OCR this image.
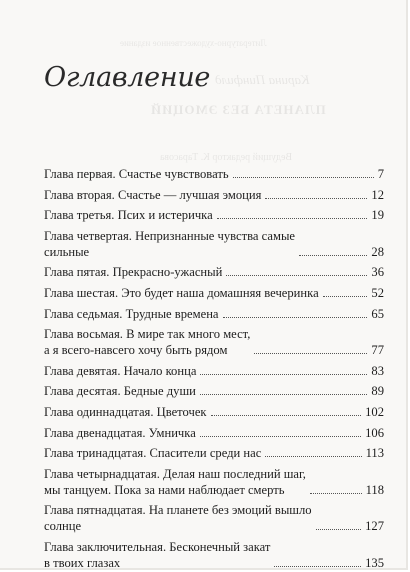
Литературно-художественное издание
Карина Пинфилд
ПЛАНЕТА БЕЗ ЭМОЦИЙ
Ведущий редактор К. Тарасова
Оглавление
Глава первая. Счастье чувствовать	7
Глава вторая. Счастье — лучшая эмоция	12
Глава третья. Псих и истеричка	19
Глава четвертая. Непризнанные чувства самые
сильные	28
Глава пятая. Прекрасно-ужасный	36
Глава шестая. Это будет наша домашняя вечеринка	52
Глава седьмая. Трудные времена	65
Глава восьмая. В мире так много мест,
а я всего-навсего хочу быть рядом	77
Глава девятая. Начало конца	83
Глава десятая. Бедные души	89
Глава одиннадцатая. Цветочек	102
Глава двенадцатая. Умничка	106
Глава тринадцатая. Спасители среди нас	113
Глава четырнадцатая. Делая наш последний шаг,
мы танцуем. Пока за нами наблюдает смерть	118
Глава пятнадцатая. На планете без эмоций вышло
солнце	127
Глава заключительная. Бесконечный закат
в твоих глазах	135
